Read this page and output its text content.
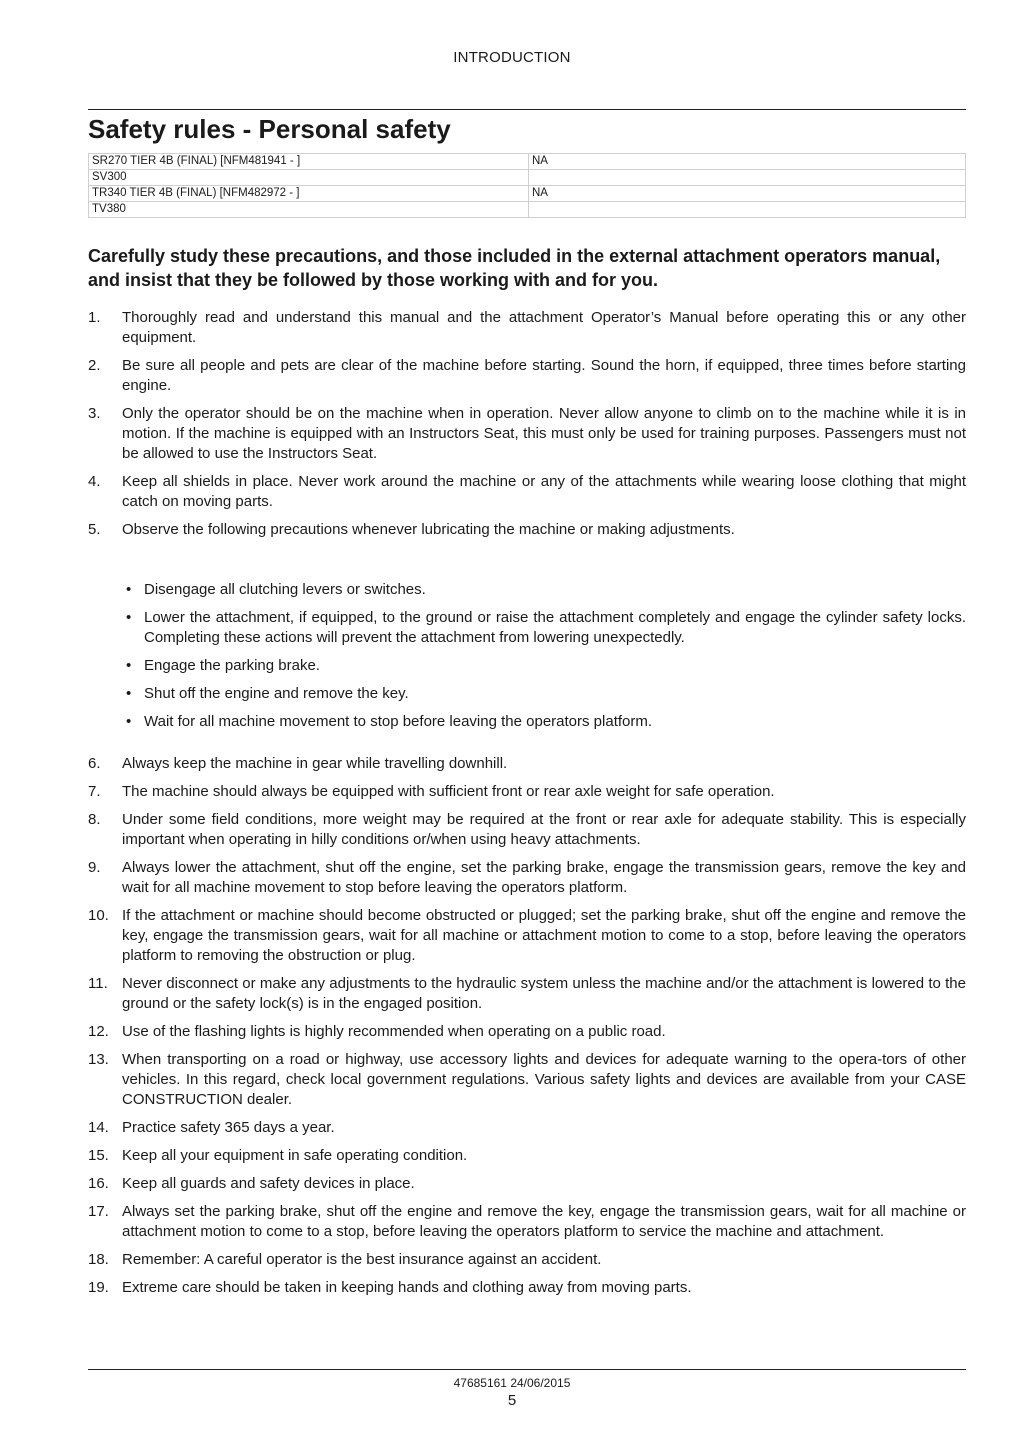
INTRODUCTION
Safety rules - Personal safety
SR270 TIER 4B (FINAL) [NFM481941 - ]	NA
SV300	
TR340 TIER 4B (FINAL) [NFM482972 - ]	NA
TV380	

Carefully study these precautions, and those included in the external attachment operators manual, and insist that they be followed by those working with and for you.

1.	Thoroughly read and understand this manual and the attachment Operator’s Manual before operating this or any other equipment.
2.	Be sure all people and pets are clear of the machine before starting. Sound the horn, if equipped, three times before starting engine.
3.	Only the operator should be on the machine when in operation. Never allow anyone to climb on to the machine while it is in motion. If the machine is equipped with an Instructors Seat, this must only be used for training purposes. Passengers must not be allowed to use the Instructors Seat.
4.	Keep all shields in place. Never work around the machine or any of the attachments while wearing loose clothing that might catch on moving parts.
5.	Observe the following precautions whenever lubricating the machine or making adjustments.
• Disengage all clutching levers or switches.
• Lower the attachment, if equipped, to the ground or raise the attachment completely and engage the cylinder safety locks. Completing these actions will prevent the attachment from lowering unexpectedly.
• Engage the parking brake.
• Shut off the engine and remove the key.
• Wait for all machine movement to stop before leaving the operators platform.
6.	Always keep the machine in gear while travelling downhill.
7.	The machine should always be equipped with sufficient front or rear axle weight for safe operation.
8.	Under some field conditions, more weight may be required at the front or rear axle for adequate stability. This is especially important when operating in hilly conditions or/when using heavy attachments.
9.	Always lower the attachment, shut off the engine, set the parking brake, engage the transmission gears, remove the key and wait for all machine movement to stop before leaving the operators platform.
10. If the attachment or machine should become obstructed or plugged; set the parking brake, shut off the engine and remove the key, engage the transmission gears, wait for all machine or attachment motion to come to a stop, before leaving the operators platform to removing the obstruction or plug.
11. Never disconnect or make any adjustments to the hydraulic system unless the machine and/or the attachment is lowered to the ground or the safety lock(s) is in the engaged position.
12. Use of the flashing lights is highly recommended when operating on a public road.
13. When transporting on a road or highway, use accessory lights and devices for adequate warning to the opera-tors of other vehicles. In this regard, check local government regulations. Various safety lights and devices are available from your CASE CONSTRUCTION dealer.
14. Practice safety 365 days a year.
15. Keep all your equipment in safe operating condition.
16. Keep all guards and safety devices in place.
17. Always set the parking brake, shut off the engine and remove the key, engage the transmission gears, wait for all machine or attachment motion to come to a stop, before leaving the operators platform to service the machine and attachment.
18. Remember: A careful operator is the best insurance against an accident.
19. Extreme care should be taken in keeping hands and clothing away from moving parts.
47685161 24/06/2015
5
